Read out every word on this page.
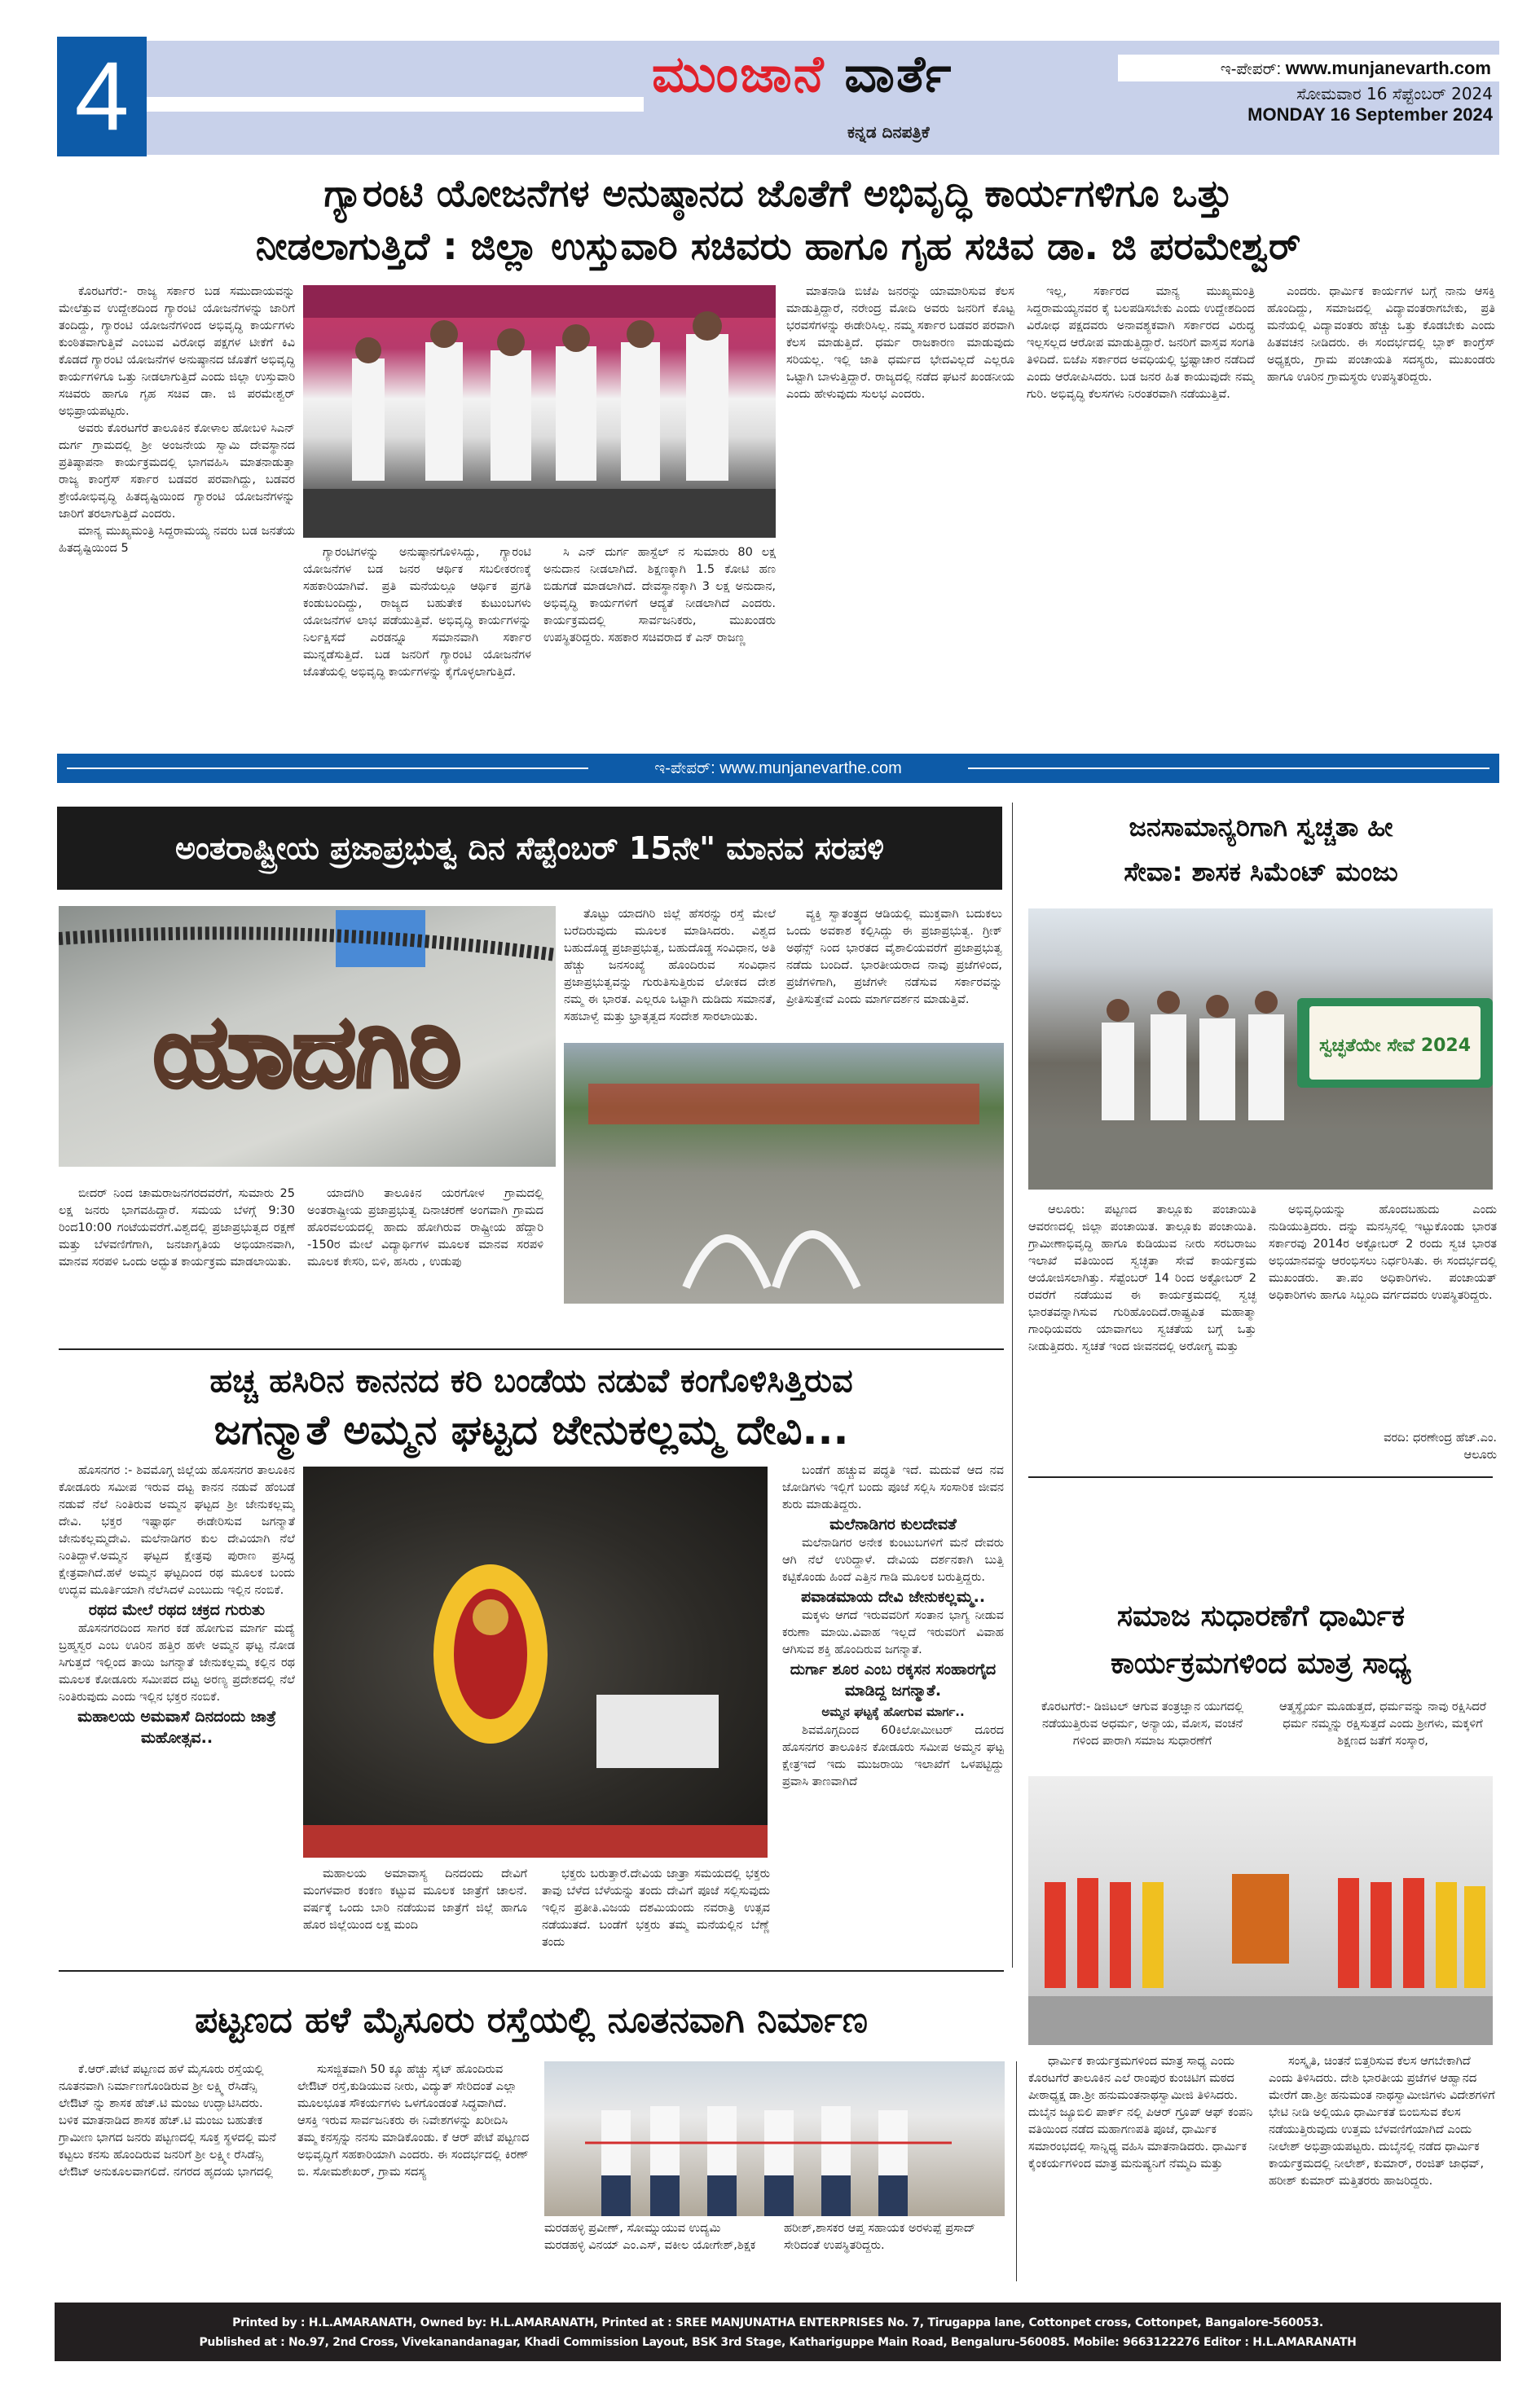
4	ಮುಂಜಾನೆ ವಾರ್ತೆ
ಕನ್ನಡ ದಿನಪತ್ರಿಕೆ
ಇ-ಪೇಪರ್: www.munjanevarth.com
ಸೋಮವಾರ 16 ಸೆಪ್ಟೆಂಬರ್ 2024
MONDAY 16 September 2024
ಗ್ಯಾರಂಟಿ ಯೋಜನೆಗಳ ಅನುಷ್ಠಾನದ ಜೊತೆಗೆ ಅಭಿವೃದ್ಧಿ ಕಾರ್ಯಗಳಿಗೂ ಒತ್ತು
ನೀಡಲಾಗುತ್ತಿದೆ : ಜಿಲ್ಲಾ ಉಸ್ತುವಾರಿ ಸಚಿವರು ಹಾಗೂ ಗೃಹ ಸಚಿವ ಡಾ. ಜಿ ಪರಮೇಶ್ವರ್

ಕೊರಟಗೆರೆ:- ರಾಜ್ಯ ಸರ್ಕಾರ ಬಡ ಸಮುದಾಯವನ್ನು ಮೇಲೆತ್ತುವ ಉದ್ದೇಶದಿಂದ ಗ್ಯಾರಂಟಿ ಯೋಜನೆಗಳನ್ನು ಜಾರಿಗೆ ತಂದಿದ್ದು, ಗ್ಯಾರಂಟಿ ಯೋಜನೆಗಳಿಂದ ಅಭಿವೃದ್ಧಿ ಕಾರ್ಯಗಳು ಕುಂಠಿತವಾಗುತ್ತಿವೆ ಎಂಬುವ ವಿರೋಧ ಪಕ್ಷಗಳ ಟೀಕೆಗೆ ಕಿವಿ ಕೊಡದೆ ಗ್ಯಾರಂಟಿ ಯೋಜನೆಗಳ ಅನುಷ್ಠಾನದ ಜೊತೆಗೆ ಅಭಿವೃದ್ಧಿ ಕಾರ್ಯಗಳಿಗೂ ಒತ್ತು ನೀಡಲಾಗುತ್ತಿದೆ ಎಂದು ಜಿಲ್ಲಾ ಉಸ್ತುವಾರಿ ಸಚಿವರು ಹಾಗೂ ಗೃಹ ಸಚಿವ ಡಾ. ಜಿ ಪರಮೇಶ್ವರ್ ಅಭಿಪ್ರಾಯಪಟ್ಟರು.

ಅವರು ಕೊರಟಗೆರೆ ತಾಲೂಕಿನ ಕೋಳಾಲ ಹೋಬಳಿ ಸಿಎನ್ ದುರ್ಗ ಗ್ರಾಮದಲ್ಲಿ ಶ್ರೀ ಅಂಜನೇಯ ಸ್ವಾಮಿ ದೇವಸ್ಥಾನದ ಪ್ರತಿಷ್ಠಾಪನಾ ಕಾರ್ಯಕ್ರಮದಲ್ಲಿ ಭಾಗವಹಿಸಿ ಮಾತನಾಡುತ್ತಾ ರಾಜ್ಯ ಕಾಂಗ್ರೆಸ್ ಸರ್ಕಾರ ಬಡವರ ಪರವಾಗಿದ್ದು, ಬಡವರ ಶ್ರೇಯೋಭಿವೃದ್ಧಿ ಹಿತದೃಷ್ಟಿಯಿಂದ ಗ್ಯಾರಂಟಿ ಯೋಜನೆಗಳನ್ನು ಜಾರಿಗೆ ತರಲಾಗುತ್ತಿದೆ ಎಂದರು.

ಮಾನ್ಯ ಮುಖ್ಯಮಂತ್ರಿ ಸಿದ್ದರಾಮಯ್ಯ ನವರು ಬಡ ಜನತೆಯ ಹಿತದೃಷ್ಟಿಯಿಂದ 5	ಗ್ಯಾರಂಟಿಗಳನ್ನು ಅನುಷ್ಠಾನಗೊಳಿಸಿದ್ದು, ಗ್ಯಾರಂಟಿ ಯೋಜನೆಗಳ ಬಡ ಜನರ ಆರ್ಥಿಕ ಸಬಲೀಕರಣಕ್ಕೆ ಸಹಕಾರಿಯಾಗಿವೆ. ಪ್ರತಿ ಮನೆಯಲ್ಲೂ ಆರ್ಥಿಕ ಪ್ರಗತಿ ಕಂಡುಬಂದಿದ್ದು, ರಾಜ್ಯದ ಬಹುತೇಕ ಕುಟುಂಬಗಳು ಯೋಜನೆಗಳ ಲಾಭ ಪಡೆಯುತ್ತಿವೆ. ಅಭಿವೃದ್ಧಿ ಕಾರ್ಯಗಳನ್ನು ನಿರ್ಲಕ್ಷಿಸದೆ ಎರಡನ್ನೂ ಸಮಾನವಾಗಿ ಸರ್ಕಾರ ಮುನ್ನಡೆಸುತ್ತಿದೆ. ಬಡ ಜನರಿಗೆ ಗ್ಯಾರಂಟಿ ಯೋಜನೆಗಳ ಜೊತೆಯಲ್ಲಿ ಅಭಿವೃದ್ಧಿ ಕಾರ್ಯಗಳನ್ನು ಕೈಗೊಳ್ಳಲಾಗುತ್ತಿದೆ.

ಸಿ ಎನ್ ದುರ್ಗ ಹಾಸ್ಟೆಲ್ ನ ಸುಮಾರು 80 ಲಕ್ಷ ಅನುದಾನ ನೀಡಲಾಗಿದೆ. ಶಿಕ್ಷಣಕ್ಕಾಗಿ 1.5 ಕೋಟಿ ಹಣ ಬಿಡುಗಡೆ ಮಾಡಲಾಗಿದೆ. ದೇವಸ್ಥಾನಕ್ಕಾಗಿ 3 ಲಕ್ಷ ಅನುದಾನ, ಅಭಿವೃದ್ಧಿ ಕಾರ್ಯಗಳಿಗೆ ಆದ್ಯತೆ ನೀಡಲಾಗಿದೆ ಎಂದರು. ಕಾರ್ಯಕ್ರಮದಲ್ಲಿ ಸಾರ್ವಜನಿಕರು, ಮುಖಂಡರು ಉಪಸ್ಥಿತರಿದ್ದರು. ಸಹಕಾರ ಸಚಿವರಾದ ಕೆ ಎನ್ ರಾಜಣ್ಣ

ಮಾತನಾಡಿ ಬಿಜೆಪಿ ಜನರನ್ನು ಯಾಮಾರಿಸುವ ಕೆಲಸ ಮಾಡುತ್ತಿದ್ದಾರೆ, ನರೇಂದ್ರ ಮೋದಿ ಅವರು ಜನರಿಗೆ ಕೊಟ್ಟ ಭರವಸೆಗಳನ್ನು ಈಡೇರಿಸಿಲ್ಲ. ನಮ್ಮ ಸರ್ಕಾರ ಬಡವರ ಪರವಾಗಿ ಕೆಲಸ ಮಾಡುತ್ತಿದೆ. ಧರ್ಮ ರಾಜಕಾರಣ ಮಾಡುವುದು ಸರಿಯಲ್ಲ. ಇಲ್ಲಿ ಜಾತಿ ಧರ್ಮದ ಭೇದವಿಲ್ಲದೆ ಎಲ್ಲರೂ ಒಟ್ಟಾಗಿ ಬಾಳುತ್ತಿದ್ದಾರೆ. ರಾಜ್ಯದಲ್ಲಿ ನಡೆದ ಘಟನೆ ಖಂಡನೀಯ ಎಂದು ಹೇಳುವುದು ಸುಲಭ ಎಂದರು.

ಇಲ್ಲ, ಸರ್ಕಾರದ ಮಾನ್ಯ ಮುಖ್ಯಮಂತ್ರಿ ಸಿದ್ದರಾಮಯ್ಯನವರ ಕೈ ಬಲಪಡಿಸಬೇಕು ಎಂದು ಉದ್ದೇಶದಿಂದ ವಿರೋಧ ಪಕ್ಷದವರು ಅನಾವಶ್ಯಕವಾಗಿ ಸರ್ಕಾರದ ವಿರುದ್ಧ ಇಲ್ಲಸಲ್ಲದ ಆರೋಪ ಮಾಡುತ್ತಿದ್ದಾರೆ. ಜನರಿಗೆ ವಾಸ್ತವ ಸಂಗತಿ ತಿಳಿದಿದೆ. ಬಿಜೆಪಿ ಸರ್ಕಾರದ ಅವಧಿಯಲ್ಲಿ ಭ್ರಷ್ಟಾಚಾರ ನಡೆದಿದೆ ಎಂದು ಆರೋಪಿಸಿದರು. ಬಡ ಜನರ ಹಿತ ಕಾಯುವುದೇ ನಮ್ಮ ಗುರಿ. ಅಭಿವೃದ್ಧಿ ಕೆಲಸಗಳು ನಿರಂತರವಾಗಿ ನಡೆಯುತ್ತಿವೆ.

ಎಂದರು. ಧಾರ್ಮಿಕ ಕಾರ್ಯಗಳ ಬಗ್ಗೆ ನಾನು ಆಸಕ್ತಿ ಹೊಂದಿದ್ದು, ಸಮಾಜದಲ್ಲಿ ವಿದ್ಯಾವಂತರಾಗಬೇಕು, ಪ್ರತಿ ಮನೆಯಲ್ಲಿ ವಿದ್ಯಾವಂತರು ಹೆಚ್ಚು ಒತ್ತು ಕೊಡಬೇಕು ಎಂದು ಹಿತವಚನ ನೀಡಿದರು. ಈ ಸಂದರ್ಭದಲ್ಲಿ ಬ್ಲಾಕ್ ಕಾಂಗ್ರೆಸ್ ಅಧ್ಯಕ್ಷರು, ಗ್ರಾಮ ಪಂಚಾಯತಿ ಸದಸ್ಯರು, ಮುಖಂಡರು ಹಾಗೂ ಊರಿನ ಗ್ರಾಮಸ್ಥರು ಉಪಸ್ಥಿತರಿದ್ದರು.

ಇ-ಪೇಪರ್: www.munjanevarthe.com
ಅಂತರಾಷ್ಟ್ರೀಯ ಪ್ರಜಾಪ್ರಭುತ್ವ ದಿನ ಸೆಪ್ಟೆಂಬರ್ 15ನೇ" ಮಾನವ ಸರಪಳಿ
ಯಾದಗಿರಿ

ಬೀದರ್ ನಿಂದ ಚಾಮರಾಜನಗರದವರೆಗೆ, ಸುಮಾರು 25 ಲಕ್ಷ ಜನರು ಭಾಗವಹಿದ್ದಾರೆ. ಸಮಯ ಬೆಳಗ್ಗೆ 9:30 ರಿಂದ10:00 ಗಂಟೆಯವರೆಗೆ.ವಿಶ್ವದಲ್ಲಿ ಪ್ರಜಾಪ್ರಭುತ್ವದ ರಕ್ಷಣೆ ಮತ್ತು ಬೆಳವಣಿಗೆಗಾಗಿ, ಜನಜಾಗೃತಿಯ ಅಭಿಯಾನವಾಗಿ, ಮಾನವ ಸರಪಳಿ ಒಂದು ಅದ್ಭುತ ಕಾರ್ಯಕ್ರಮ ಮಾಡಲಾಯಿತು.

ಯಾದಗಿರಿ ತಾಲೂಕಿನ ಯರಗೋಳ ಗ್ರಾಮದಲ್ಲಿ ಅಂತರಾಷ್ಟ್ರೀಯ ಪ್ರಜಾಪ್ರಭುತ್ವ ದಿನಾಚರಣೆ ಅಂಗವಾಗಿ ಗ್ರಾಮದ ಹೊರವಲಯದಲ್ಲಿ ಹಾದು ಹೋಗಿರುವ ರಾಷ್ಟ್ರೀಯ ಹೆದ್ದಾರಿ -150ರ ಮೇಲೆ ವಿದ್ಯಾರ್ಥಿಗಳ ಮೂಲಕ ಮಾನವ ಸರಪಳಿ ಮೂಲಕ ಕೇಸರಿ, ಬಿಳಿ, ಹಸಿರು , ಉಡುಪು

ತೊಟ್ಟು ಯಾದಗಿರಿ ಜಿಲ್ಲೆ ಹೆಸರನ್ನು ರಸ್ತೆ ಮೇಲೆ ಬರೆದಿರುವುದು ಮೂಲಕ ಮಾಡಿಸಿದರು. ವಿಶ್ವದ ಬಹುದೊಡ್ಡ ಪ್ರಜಾಪ್ರಭುತ್ವ, ಬಹುದೊಡ್ಡ ಸಂವಿಧಾನ, ಅತಿ ಹೆಚ್ಚು ಜನಸಂಖ್ಯೆ ಹೊಂದಿರುವ ಸಂವಿಧಾನ ಪ್ರಜಾಪ್ರಭುತ್ವವನ್ನು ಗುರುತಿಸುತ್ತಿರುವ ಲೋಕದ ದೇಶ ನಮ್ಮ ಈ ಭಾರತ. ಎಲ್ಲರೂ ಒಟ್ಟಾಗಿ ದುಡಿದು ಸಮಾನತೆ, ಸಹಬಾಳ್ವೆ ಮತ್ತು ಭ್ರಾತೃತ್ವದ ಸಂದೇಶ ಸಾರಲಾಯಿತು.

ವ್ಯಕ್ತಿ ಸ್ವಾತಂತ್ರ್ಯದ ಆಡಿಯಲ್ಲಿ ಮುಕ್ತವಾಗಿ ಬದುಕಲು ಒಂದು ಅವಕಾಶ ಕಲ್ಪಿಸಿದ್ದು ಈ ಪ್ರಜಾಪ್ರಭುತ್ವ. ಗ್ರೀಕ್ ಅಥೆನ್ಸ್ ನಿಂದ ಭಾರತದ ವೈಶಾಲಿಯವರೆಗೆ ಪ್ರಜಾಪ್ರಭುತ್ವ ನಡೆದು ಬಂದಿದೆ. ಭಾರತೀಯರಾದ ನಾವು ಪ್ರಜೆಗಳಿಂದ, ಪ್ರಜೆಗಳಿಗಾಗಿ, ಪ್ರಜೆಗಳೇ ನಡೆಸುವ ಸರ್ಕಾರವನ್ನು ಪ್ರೀತಿಸುತ್ತೇವೆ ಎಂದು ಮಾರ್ಗದರ್ಶನ ಮಾಡುತ್ತಿವೆ.

ಜನಸಾಮಾನ್ಯರಿಗಾಗಿ ಸ್ವಚ್ಚತಾ ಹೀ
ಸೇವಾ: ಶಾಸಕ ಸಿಮೆಂಟ್ ಮಂಜು
ಸ್ವಚ್ಛತೆಯೇ ಸೇವೆ 2024

ಆಲೂರು: ಪಟ್ಟಣದ ತಾಲ್ಲೂಕು ಪಂಚಾಯಿತಿ ಆವರಣದಲ್ಲಿ ಜಿಲ್ಲಾ ಪಂಚಾಯಿತ. ತಾಲ್ಲೂಕು ಪಂಚಾಯಿತಿ. ಗ್ರಾಮೀಣಾಭಿವೃದ್ಧಿ ಹಾಗೂ ಕುಡಿಯುವ ನೀರು ಸರಬರಾಜು ಇಲಾಖೆ ವತಿಯಿಂದ ಸ್ವಚ್ಛತಾ ಸೇವೆ ಕಾರ್ಯಕ್ರಮ ಆಯೋಜಿಸಲಾಗಿತ್ತು. ಸೆಪ್ಟೆಂಬರ್ 14 ರಿಂದ ಅಕ್ಟೋಬರ್ 2 ರವರೆಗೆ ನಡೆಯುವ ಈ ಕಾರ್ಯಕ್ರಮದಲ್ಲಿ ಸ್ವಚ್ಛ ಭಾರತವನ್ನಾಗಿಸುವ ಗುರಿಹೊಂದಿದೆ.ರಾಷ್ಟ್ರಪಿತ ಮಹಾತ್ಮಾ ಗಾಂಧಿಯವರು ಯಾವಾಗಲು ಸ್ವಚತೆಯ ಬಗ್ಗೆ ಒತ್ತು ನೀಡುತ್ತಿದರು. ಸ್ವಚತೆ ಇಂದ ಜೀವನದಲ್ಲಿ ಅರೋಗ್ಯ ಮತ್ತು

ಅಭಿವೃಧಿಯನ್ನು ಹೊಂದಬಹುದು ಎಂದು ನುಡಿಯುತ್ತಿದರು. ದನ್ನು ಮನಸ್ಸಿನಲ್ಲಿ ಇಟ್ಟುಕೊಂಡು ಭಾರತ ಸರ್ಕಾರವು 2014ರ ಅಕ್ಟೋಬರ್ 2 ರಂದು ಸ್ವಚ ಭಾರತ ಅಭಿಯಾನವನ್ನು ಆರಂಭಿಸಲು ನಿರ್ಧರಿಸಿತು. ಈ ಸಂದರ್ಭದಲ್ಲಿ ಮುಖಂಡರು. ತಾ.ಪಂ ಅಧಿಕಾರಿಗಳು. ಪಂಚಾಯತ್ ಅಧಿಕಾರಿಗಳು ಹಾಗೂ ಸಿಬ್ಬಂದಿ ವರ್ಗದವರು ಉಪಸ್ಥಿತರಿದ್ದರು.

ವರದಿ: ಧರಣೇಂದ್ರ ಹೆಚ್.ಎಂ.
ಆಲೂರು
ಹಚ್ಚ ಹಸಿರಿನ ಕಾನನದ ಕರಿ ಬಂಡೆಯ ನಡುವೆ ಕಂಗೊಳಿಸಿತ್ತಿರುವ
ಜಗನ್ಮಾತೆ ಅಮ್ಮನ ಘಟ್ಟದ ಜೇನುಕಲ್ಲಮ್ಮ ದೇವಿ...

ಹೊಸನಗರ :- ಶಿವಮೊಗ್ಗ ಜಿಲ್ಲೆಯ ಹೊಸನಗರ ತಾಲೂಕಿನ ಕೋಡೂರು ಸಮೀಪ ಇರುವ ದಟ್ಟ ಕಾನನ ನಡುವೆ ಹೆಂಬಡೆ ನಡುವೆ ನೆಲೆ ನಿಂತಿರುವ ಅಮ್ಮನ ಘಟ್ಟದ ಶ್ರೀ ಜೇನುಕಲ್ಲಮ್ಮ ದೇವಿ. ಭಕ್ತರ ಇಷ್ಟಾರ್ಥ ಈಡೇರಿಸುವ ಜಗನ್ಮಾತೆ ಜೇನುಕಲ್ಲಮ್ಮದೇವಿ. ಮಲೆನಾಡಿಗರ ಕುಲ ದೇವಿಯಾಗಿ ನೆಲೆ ನಿಂತಿದ್ದಾಳೆ.ಅಮ್ಮನ ಘಟ್ಟದ ಕ್ಷೇತ್ರವು ಪುರಾಣ ಪ್ರಸಿದ್ಧ ಕ್ಷೇತ್ರವಾಗಿದೆ.ಹಳೆ ಅಮ್ಮನ ಘಟ್ಟದಿಂದ ರಥ ಮೂಲಕ ಬಂದು ಉದ್ಭವ ಮೂರ್ತಿಯಾಗಿ ನೆಲೆಸಿದಳೆ ಎಂಬುದು ಇಲ್ಲಿನ ನಂಬಿಕೆ.

ರಥದ ಮೇಲೆ ರಥದ ಚಕ್ರದ ಗುರುತು

ಹೊಸನಗರದಿಂದ ಸಾಗರ ಕಡೆ ಹೋಗುವ ಮಾರ್ಗ ಮದ್ಯೆ ಬ್ರಹ್ಮಸ್ವರ ಎಂಬ ಊರಿನ ಹತ್ತಿರ ಹಳೇ ಅಮ್ಮನ ಘಟ್ಟ ನೋಡ ಸಿಗುತ್ತದೆ ಇಲ್ಲಿಂದ ತಾಯಿ ಜಗನ್ಮಾತೆ ಜೇನುಕಲ್ಲಮ್ಮ ಕಲ್ಲಿನ ರಥ ಮೂಲಕ ಕೋಡೂರು ಸಮೀಪದ ದಟ್ಟ ಅರಣ್ಯ ಪ್ರದೇಶದಲ್ಲಿ ನೆಲೆ ನಿಂತಿರುವುದು ಎಂದು ಇಲ್ಲಿನ ಭಕ್ತರ ನಂಬಿಕೆ.

ಮಹಾಲಯ ಅಮವಾಸೆ ದಿನದಂದು ಜಾತ್ರೆ ಮಹೋತ್ಸವ..

ಮಹಾಲಯ ಅಮಾವಾಸ್ಯ ದಿನದಂದು ದೇವಿಗೆ ಮಂಗಳವಾರ ಕಂಕಣ ಕಟ್ಟುವ ಮೂಲಕ ಜಾತ್ರೆಗೆ ಚಾಲನೆ. ವರ್ಷಕ್ಕೆ ಒಂದು ಬಾರಿ ನಡೆಯುವ ಜಾತ್ರೆಗೆ ಜಿಲ್ಲೆ ಹಾಗೂ ಹೊರ ಜಿಲ್ಲೆಯಿಂದ ಲಕ್ಷ ಮಂದಿ

ಭಕ್ತರು ಬರುತ್ತಾರೆ.ದೇವಿಯ ಜಾತ್ರಾ ಸಮಯದಲ್ಲಿ ಭಕ್ತರು ತಾವು ಬೆಳೆದ ಬೆಳೆಯನ್ನು ತಂದು ದೇವಿಗೆ ಪೂಜೆ ಸಲ್ಲಿಸುವುದು ಇಲ್ಲಿನ ಪ್ರತೀತಿ.ವಿಜಯ ದಶಮಿಯಂದು ನವರಾತ್ರಿ ಉತ್ಸವ ನಡೆಯುತದೆ. ಬಂಡೆಗೆ ಭಕ್ತರು ತಮ್ಮ ಮನೆಯಲ್ಲಿನ ಬೆಣ್ಣೆ ತಂದು

ಬಂಡೆಗೆ ಹಚ್ಚುವ ಪದ್ಧತಿ ಇದೆ. ಮದುವೆ ಆದ ನವ ಜೋಡಿಗಳು ಇಲ್ಲಿಗೆ ಬಂದು ಪೂಜೆ ಸಲ್ಲಿಸಿ ಸಂಸಾರಿಕ ಜೀವನ ಶುರು ಮಾಡುತಿದ್ದರು.

ಮಲೆನಾಡಿಗರ ಕುಲದೇವತೆ

ಮಲೆನಾಡಿಗರ ಅನೇಕ ಕುಂಟುಬಗಳಿಗೆ ಮನೆ ದೇವರು ಆಗಿ ನೆಲೆ ಉರಿದ್ದಾಳೆ. ದೇವಿಯ ದರ್ಶನಕಾಗಿ ಬುತ್ತಿ ಕಟ್ಟಿಕೊಂಡು ಹಿಂದೆ ಎತ್ತಿನ ಗಾಡಿ ಮೂಲಕ ಬರುತ್ತಿದ್ದರು.

ಪವಾಡಮಾಯ ದೇವಿ ಜೇನುಕಲ್ಲಮ್ಮ..

ಮಕ್ಕಳು ಆಗದೆ ಇರುವವರಿಗೆ ಸಂತಾನ ಭಾಗ್ಯ ನೀಡುವ ಕರುಣಾ ಮಾಯಿ.ವಿವಾಹ ಇಲ್ಲದೆ ಇರುವರಿಗೆ ವಿವಾಹ ಆಗಿಸುವ ಶಕ್ತಿ ಹೊಂದಿರುವ ಜಗನ್ಮಾತೆ.

ದುರ್ಗಾ ಶೂರ ಎಂಬ ರಕ್ಕಸನ ಸಂಹಾರಗೈದ ಮಾಡಿದ್ದ ಜಗನ್ಮಾತೆ.
ಅಮ್ಮನ ಘಟ್ಟಕ್ಕೆ ಹೋಗುವ ಮಾರ್ಗ..

ಶಿವಮೊಗ್ಗದಿಂದ 60ಕಿಲೋಮೀಟರ್ ದೂರದ ಹೊಸನಗರ ತಾಲೂಕಿನ ಕೋಡೂರು ಸಮೀಪ ಅಮ್ಮನ ಘಟ್ಟ ಕ್ಷೇತ್ರಇದೆ ಇದು ಮುಜರಾಯಿ ಇಲಾಖೆಗೆ ಒಳಪಟ್ಟಿದ್ದು ಪ್ರವಾಸಿ ತಾಣವಾಗಿದೆ

ಸಮಾಜ ಸುಧಾರಣೆಗೆ ಧಾರ್ಮಿಕ
ಕಾರ್ಯಕ್ರಮಗಳಿಂದ ಮಾತ್ರ ಸಾಧ್ಯ

ಕೊರಟಗೆರೆ:- ಡಿಜಿಟಲ್ ಆಗುವ ತಂತ್ರಜ್ಞಾನ ಯುಗದಲ್ಲಿ ನಡೆಯುತ್ತಿರುವ ಅಧರ್ಮ, ಅನ್ಯಾಯ, ಮೋಸ, ವಂಚನೆ ಗಳಿಂದ ಪಾರಾಗಿ ಸಮಾಜ ಸುಧಾರಣೆಗೆ

ಆತ್ಮಸ್ಥೈರ್ಯ ಮೂಡುತ್ತದೆ, ಧರ್ಮವನ್ನು ನಾವು ರಕ್ಷಿಸಿದರೆ ಧರ್ಮ ನಮ್ಮನ್ನು ರಕ್ಷಿಸುತ್ತದೆ ಎಂದು ಶ್ರೀಗಳು, ಮಕ್ಕಳಿಗೆ ಶಿಕ್ಷಣದ ಜತೆಗೆ ಸಂಸ್ಕಾರ,

ಪಟ್ಟಣದ ಹಳೆ ಮೈಸೂರು ರಸ್ತೆಯಲ್ಲಿ ನೂತನವಾಗಿ ನಿರ್ಮಾಣ

ಕೆ.ಆರ್.ಪೇಟೆ ಪಟ್ಟಣದ ಹಳೆ ಮೈಸೂರು ರಸ್ತೆಯಲ್ಲಿ ನೂತನವಾಗಿ ನಿರ್ಮಾಣಗೊಂಡಿರುವ ಶ್ರೀ ಲಕ್ಷ್ಮಿ ರೆಸಿಡೆನ್ಸಿ ಲೇಔಟ್ ನ್ನು ಶಾಸಕ ಹೆಚ್.ಟಿ ಮಂಜು ಉದ್ಘಾಟಿಸಿದರು. ಬಳಿಕ ಮಾತನಾಡಿದ ಶಾಸಕ ಹೆಚ್.ಟಿ ಮಂಜು ಬಹುತೇಕ ಗ್ರಾಮೀಣ ಭಾಗದ ಜನರು ಪಟ್ಟಣದಲ್ಲಿ ಸೂಕ್ತ ಸ್ಥಳದಲ್ಲಿ ಮನೆ ಕಟ್ಟಲು ಕನಸು ಹೊಂದಿರುವ ಜನರಿಗೆ ಶ್ರೀ ಲಕ್ಷ್ಮೀ ರೆಸಿಡೆನ್ಸಿ ಲೇಔಟ್ ಅನುಕೂಲವಾಗಲಿದೆ. ನಗರದ ಹೃದಯ ಭಾಗದಲ್ಲಿ

ಸುಸಜ್ಜಿತವಾಗಿ 50 ಕ್ಕೂ ಹೆಚ್ಚು ಸೈಟ್ ಹೊಂದಿರುವ ಲೇಔಟ್ ರಸ್ತೆ,ಕುಡಿಯುವ ನೀರು, ವಿದ್ಯುತ್ ಸೇರಿದಂತೆ ಎಲ್ಲಾ ಮೂಲಭೂತ ಸೌಕರ್ಯಗಳು ಒಳಗೊಂಡಂತೆ ಸಿದ್ಧವಾಗಿದೆ. ಆಸಕ್ತಿ ಇರುವ ಸಾರ್ವಜನಿಕರು ಈ ನಿವೇಶಗಳನ್ನು ಖರೀದಿಸಿ ತಮ್ಮ ಕನಸ್ಸನ್ನು ನನಸು ಮಾಡಿಕೊಂಡು. ಕೆ ಆರ್ ಪೇಟೆ ಪಟ್ಟಣದ ಅಭಿವೃದ್ಧಿಗೆ ಸಹಕಾರಿಯಾಗಿ ಎಂದರು. ಈ ಸಂದರ್ಭದಲ್ಲಿ ಕಿರಣ್ ಬಿ. ಸೋಮಶೇಖರ್, ಗ್ರಾಮ ಸದಸ್ಯ

ಮರಡಹಳ್ಳಿ ಪ್ರವೀಣ್, ಸೋಮ್ನುಯುವ ಉದ್ಯಮಿ ಮರಡಹಳ್ಳಿ ವಿನಯ್ ಎಂ.ಎಸ್, ವಕೀಲ ಯೋಗೇಶ್,ಶಿಕ್ಷಕ
ಹರೀಶ್,ಶಾಸಕರ ಆಪ್ತ ಸಹಾಯಕ ಅರಳುಪ್ಪೆ ಪ್ರಸಾದ್ ಸೇರಿದಂತೆ ಉಪಸ್ಥಿತರಿದ್ದರು.

ಧಾರ್ಮಿಕ ಕಾರ್ಯಕ್ರಮಗಳಿಂದ ಮಾತ್ರ ಸಾಧ್ಯ ಎಂದು ಕೊರಟಗೆರೆ ತಾಲೂಕಿನ ಎಲೆ ರಾಂಪುರ ಕುಂಚಿಟಿಗ ಮಠದ ಪೀಠಾಧ್ಯಕ್ಷ ಡಾ.ಶ್ರೀ ಹನುಮಂತನಾಥಸ್ವಾಮೀಜಿ ತಿಳಿಸಿದರು. ದುಬೈನ ಜ್ಯೂಬಿಲಿ ಪಾರ್ಕ್ ನಲ್ಲಿ ಪಿಆರ್ ಗ್ರೂಪ್ ಆಫ್ ಕಂಪನಿ ವತಿಯಿಂದ ನಡೆದ ಮಹಾಗಣಪತಿ ಪೂಜೆ, ಧಾರ್ಮಿಕ ಸಮಾರಂಭದಲ್ಲಿ ಸಾನ್ನಿಧ್ಯ ವಹಿಸಿ ಮಾತನಾಡಿದರು. ಧಾರ್ಮಿಕ ಕೈಂಕರ್ಯಗಳಿಂದ ಮಾತ್ರ ಮನುಷ್ಯನಿಗೆ ನೆಮ್ಮದಿ ಮತ್ತು

ಸಂಸ್ಕೃತಿ, ಚಿಂತನೆ ಬಿತ್ತರಿಸುವ ಕೆಲಸ ಆಗಬೇಕಾಗಿದೆ ಎಂದು ತಿಳಿಸಿದರು. ದೇಶಿ ಭಾರತೀಯ ಪ್ರಜೆಗಳ ಆಹ್ವಾನದ ಮೇರೆಗೆ ಡಾ.ಶ್ರೀ ಹನುಮಂತ ನಾಥಸ್ವಾಮೀಜಿಗಳು ವಿದೇಶಗಳಿಗೆ ಭೇಟಿ ನೀಡಿ ಅಲ್ಲಿಯೂ ಧಾರ್ಮಿಕತೆ ಬಿಂಬಿಸುವ ಕೆಲಸ ನಡೆಯುತ್ತಿರುವುದು ಉತ್ತಮ ಬೆಳವಣಿಗೆಯಾಗಿದೆ ಎಂದು ನೀಲೇಶ್ ಅಭಿಪ್ರಾಯಪಟ್ಟರು. ದುಬೈನಲ್ಲಿ ನಡೆದ ಧಾರ್ಮಿಕ ಕಾರ್ಯಕ್ರಮದಲ್ಲಿ ನೀಲೇಶ್, ಕುಮಾರ್, ರಂಜಿತ್ ಜಾಧವ್, ಹರೀಶ್ ಕುಮಾರ್ ಮತ್ತಿತರರು ಹಾಜರಿದ್ದರು.

Printed by : H.L.AMARANATH, Owned by: H.L.AMARANATH, Printed at : SREE MANJUNATHA ENTERPRISES No. 7, Tirugappa lane, Cottonpet cross, Cottonpet, Bangalore-560053.
Published at : No.97, 2nd Cross, Vivekanandanagar, Khadi Commission Layout, BSK 3rd Stage, Kathariguppe Main Road, Bengaluru-560085. Mobile: 9663122276 Editor : H.L.AMARANATH
